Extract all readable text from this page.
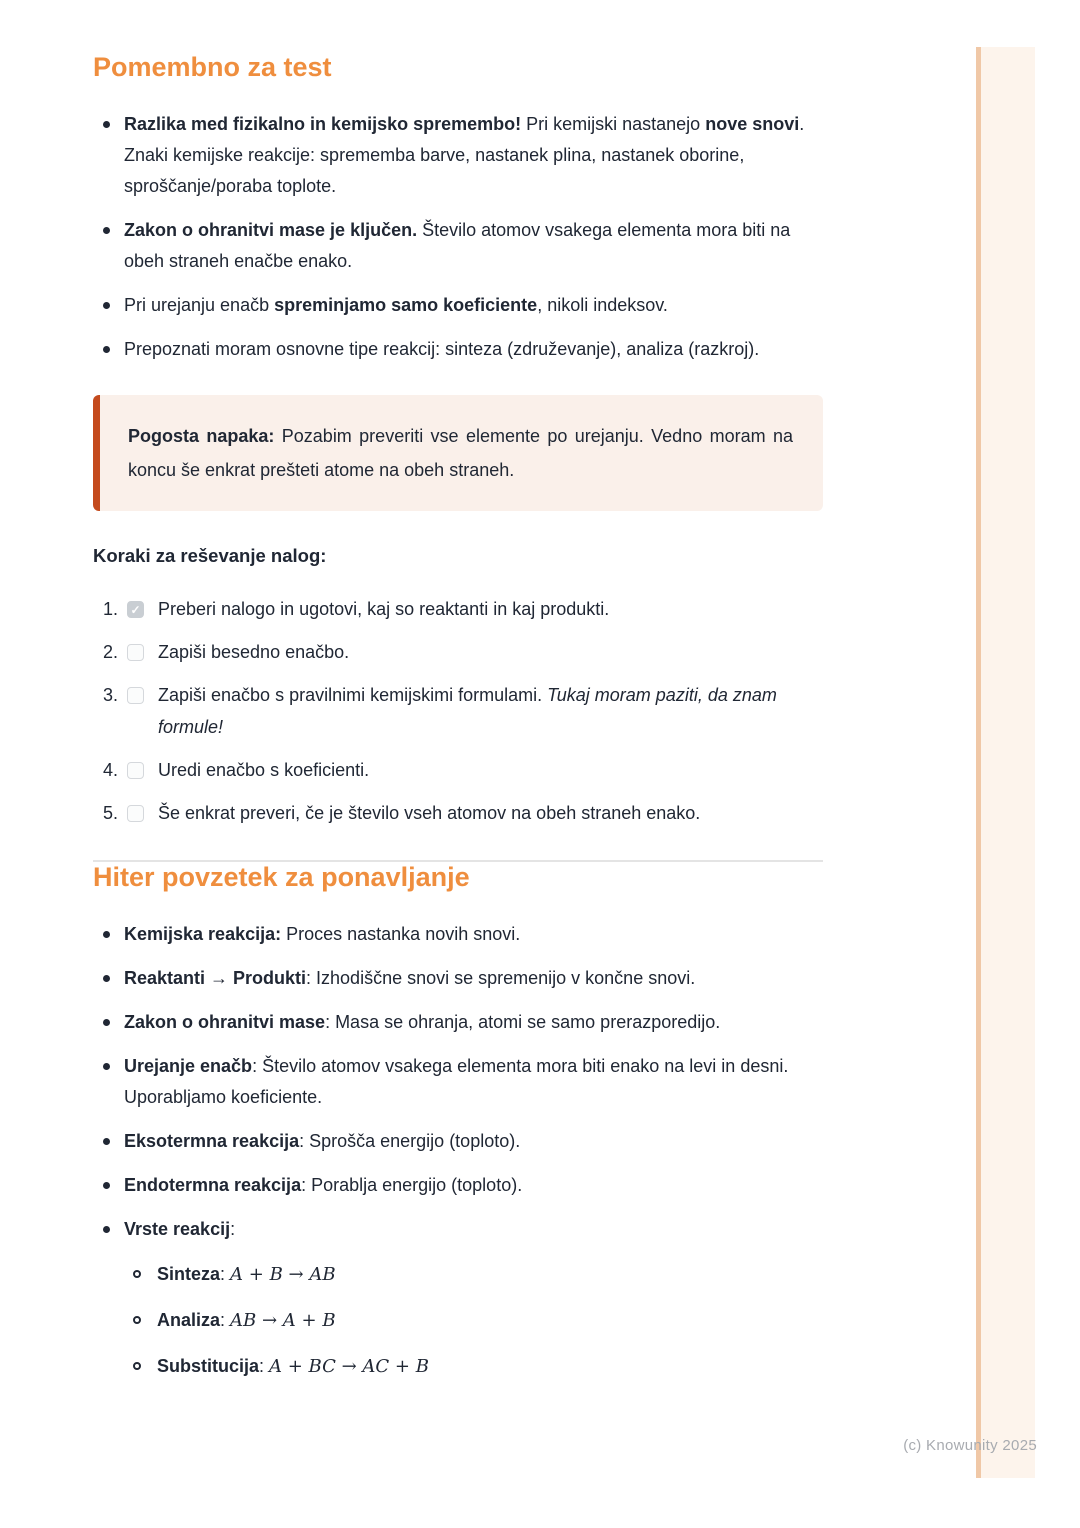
Pomembno za test
Razlika med fizikalno in kemijsko spremembo! Pri kemijski nastanejo nove snovi. Znaki kemijske reakcije: sprememba barve, nastanek plina, nastanek oborine, sproščanje/poraba toplote.
Zakon o ohranitvi mase je ključen. Število atomov vsakega elementa mora biti na obeh straneh enačbe enako.
Pri urejanju enačb spreminjamo samo koeficiente, nikoli indeksov.
Prepoznati moram osnovne tipe reakcij: sinteza (združevanje), analiza (razkroj).
Pogosta napaka: Pozabim preveriti vse elemente po urejanju. Vedno moram na koncu še enkrat prešteti atome na obeh straneh.
Koraki za reševanje nalog:
1. ✓ Preberi nalogo in ugotovi, kaj so reaktanti in kaj produkti.
2. Zapiši besedno enačbo.
3. Zapiši enačbo s pravilnimi kemijskimi formulami. Tukaj moram paziti, da znam formule!
4. Uredi enačbo s koeficienti.
5. Še enkrat preveri, če je število vseh atomov na obeh straneh enako.
Hiter povzetek za ponavljanje
Kemijska reakcija: Proces nastanka novih snovi.
Reaktanti → Produkti: Izhodiščne snovi se spremenijo v končne snovi.
Zakon o ohranitvi mase: Masa se ohranja, atomi se samo prerazporedijo.
Urejanje enačb: Število atomov vsakega elementa mora biti enako na levi in desni. Uporabljamo koeficiente.
Eksotermna reakcija: Sprošča energijo (toploto).
Endotermna reakcija: Porablja energijo (toploto).
Vrste reakcij:
Sinteza: A + B → AB
Analiza: AB → A + B
Substitucija: A + BC → AC + B
(c) Knowunity 2025
